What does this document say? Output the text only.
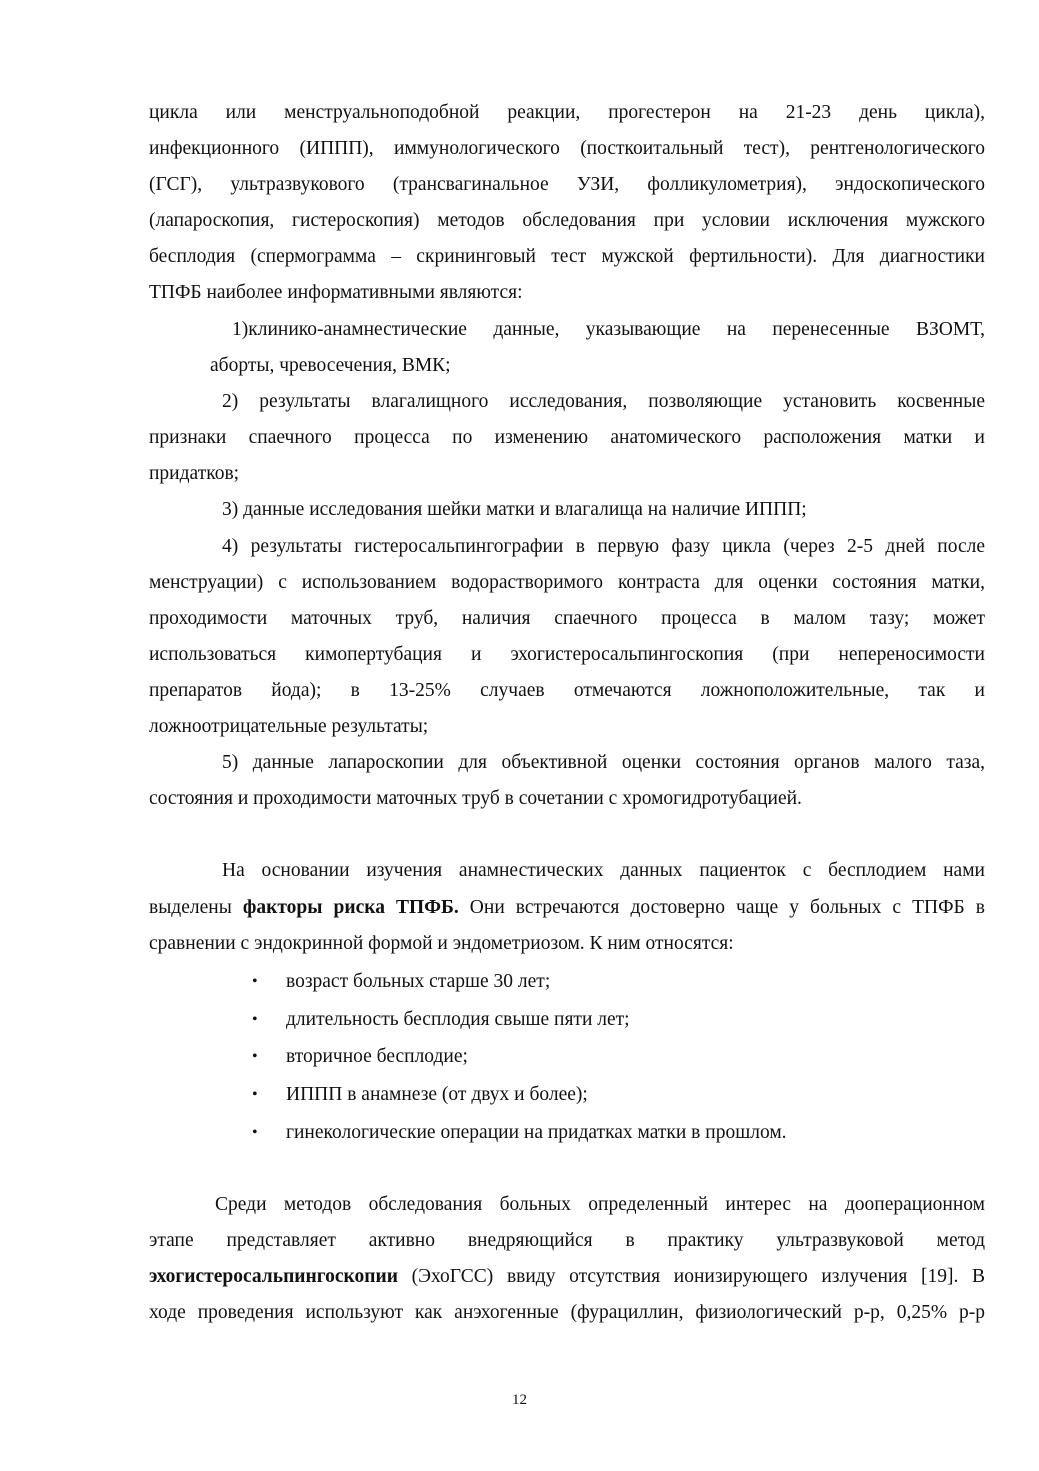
цикла или менструальноподобной реакции, прогестерон на 21-23 день цикла),
инфекционного (ИППП), иммунологического (посткоитальный тест), рентгенологического
(ГСГ), ультразвукового (трансвагинальное УЗИ, фолликулометрия), эндоскопического
(лапароскопия, гистероскопия) методов обследования при условии исключения мужского
бесплодия (спермограмма – скрининговый тест мужской фертильности). Для диагностики
ТПФБ наиболее информативными являются:
1)клинико-анамнестические данные, указывающие на перенесенные ВЗОМТ,
аборты, чревосечения, ВМК;
2) результаты влагалищного исследования, позволяющие установить косвенные
признаки спаечного процесса по изменению анатомического расположения матки и
придатков;
3) данные исследования шейки матки и влагалища на наличие ИППП;
4) результаты гистеросальпингографии в первую фазу цикла (через 2-5 дней после
менструации) с использованием водорастворимого контраста для оценки состояния матки,
проходимости маточных труб, наличия спаечного процесса в малом тазу; может
использоваться кимопертубация и эхогистеросальпингоскопия (при непереносимости
препаратов йода); в 13-25% случаев отмечаются ложноположительные, так и
ложноотрицательные результаты;
5) данные лапароскопии для объективной оценки состояния органов малого таза,
состояния и проходимости маточных труб в сочетании с хромогидротубацией.
На основании изучения анамнестических данных пациенток с бесплодием нами
выделены факторы риска ТПФБ. Они встречаются достоверно чаще у больных с ТПФБ в
сравнении с эндокринной формой и эндометриозом. К ним относятся:
•	возраст больных старше 30 лет;
•	длительность бесплодия свыше пяти лет;
•	вторичное бесплодие;
•	ИППП в анамнезе (от двух и более);
•	гинекологические операции на придатках матки в прошлом.
Среди методов обследования больных определенный интерес на дооперационном
этапе представляет активно внедряющийся в практику ультразвуковой метод
эхогистеросальпингоскопии (ЭхоГСС) ввиду отсутствия ионизирующего излучения [19]. В
ходе проведения используют как анэхогенные (фурациллин, физиологический р-р, 0,25% р-р
12
